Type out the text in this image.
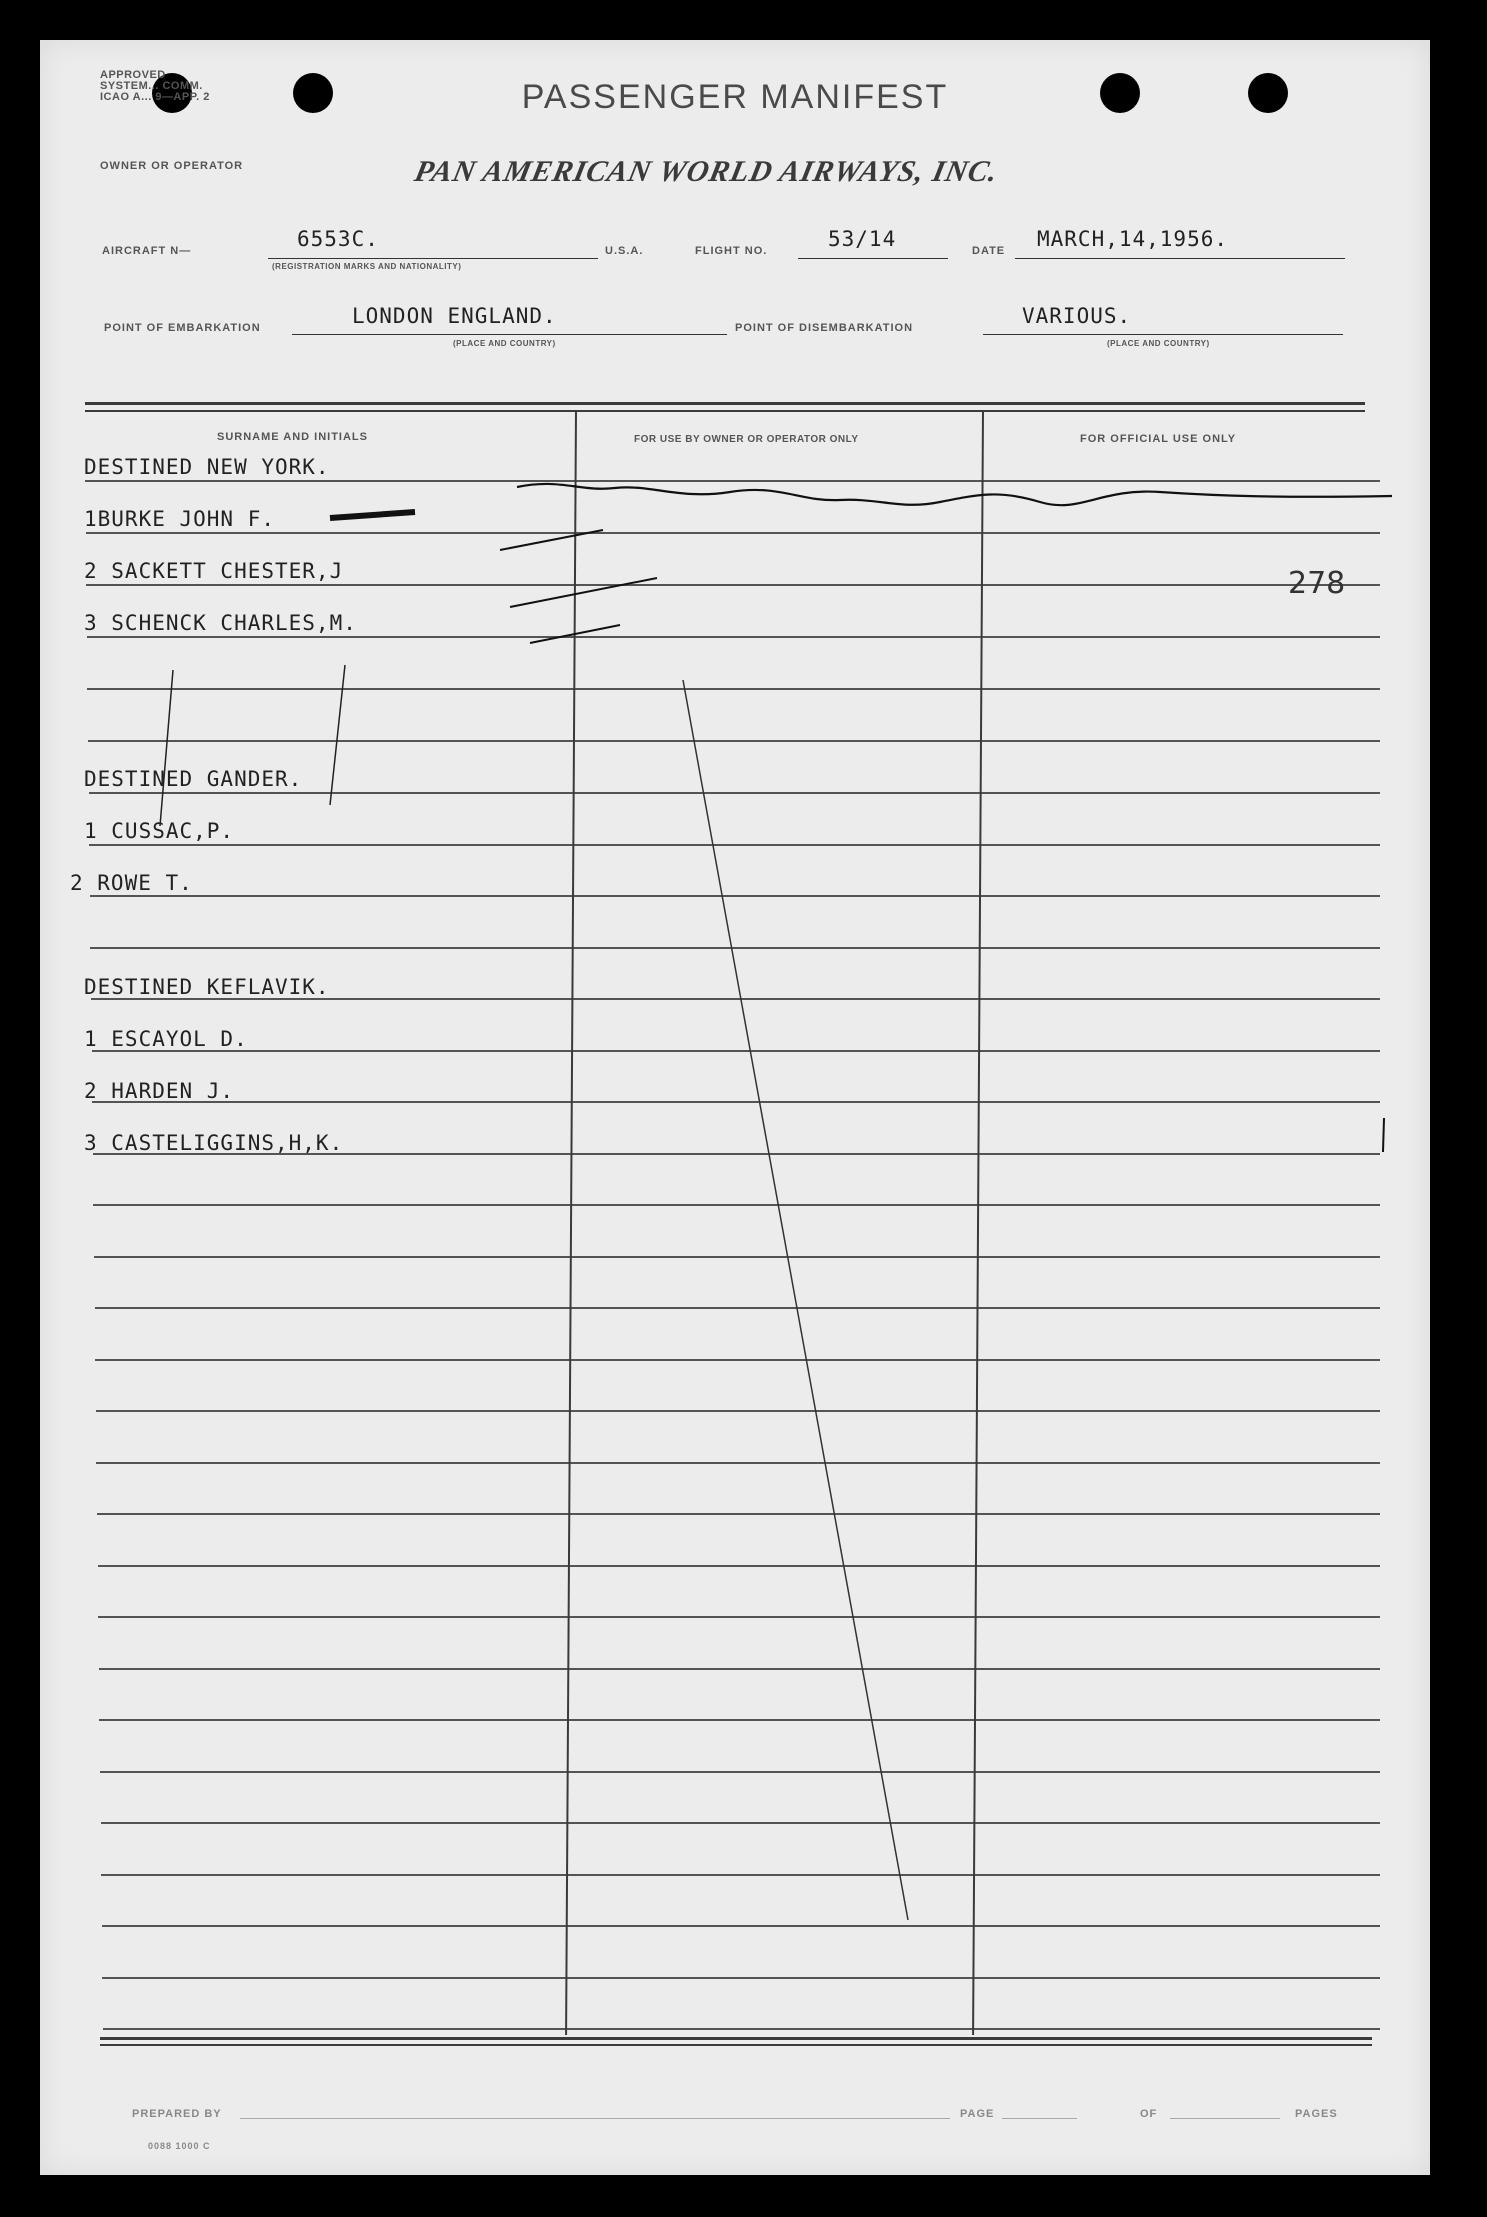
APPROVED
SYSTEM... COMM.
ICAO A... 9—APP. 2	PASSENGER MANIFEST
OWNER OR OPERATOR	PAN AMERICAN WORLD AIRWAYS, INC.
AIRCRAFT N—	6553C.
(REGISTRATION MARKS AND NATIONALITY)
U.S.A.	FLIGHT NO.	53/14	DATE MARCH,14,1956.
POINT OF EMBARKATION	LONDON ENGLAND.
(PLACE AND COUNTRY)
POINT OF DISEMBARKATION	VARIOUS.
(PLACE AND COUNTRY)
SURNAME AND INITIALS	FOR USE BY OWNER OR OPERATOR ONLY	FOR OFFICIAL USE ONLY
DESTINED NEW YORK.
1BURKE JOHN F.
2 SACKETT CHESTER,J
3 SCHENCK CHARLES,M.
DESTINED GANDER.
1 CUSSAC,P.
2 ROWE T.
DESTINED KEFLAVIK.
1 ESCAYOL D.
2 HARDEN J.
3 CASTELIGGINS,H,K.
278
PREPARED BY	PAGE	OF	PAGES
0088 1000 C
